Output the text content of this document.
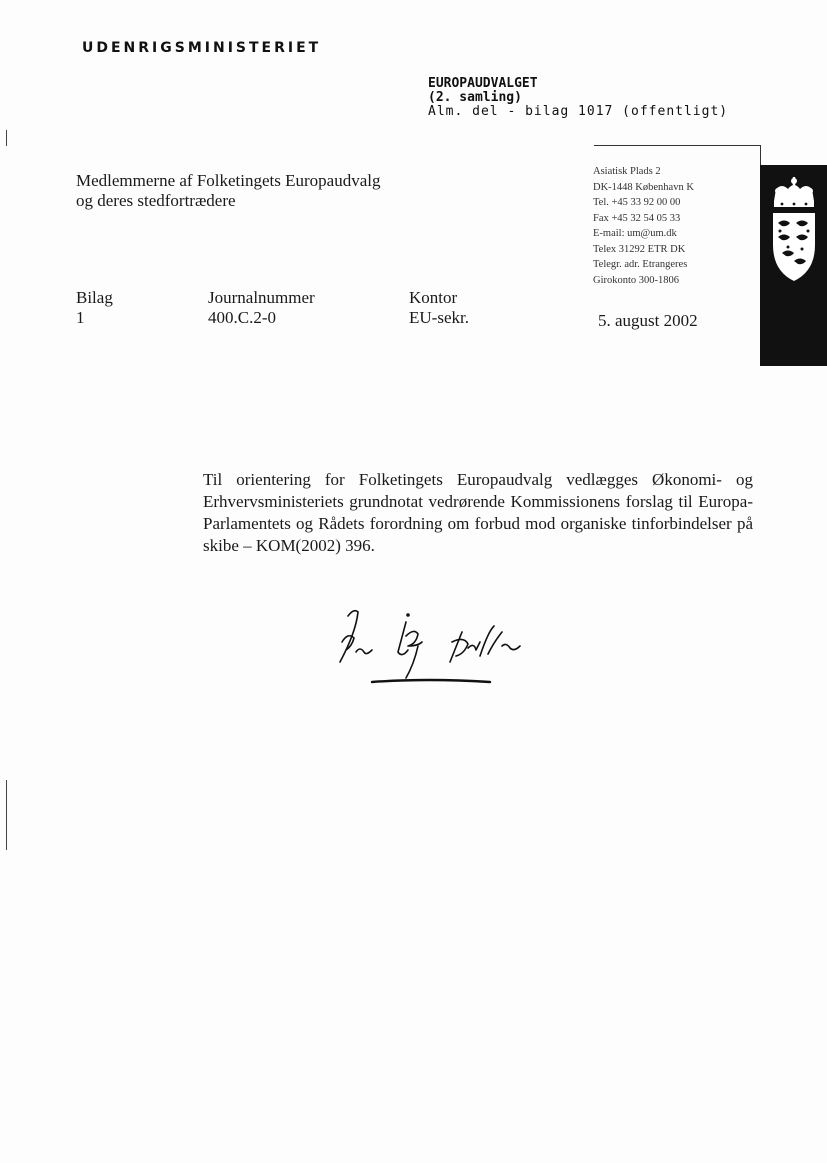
UDENRIGSMINISTERIET
EUROPAUDVALGET
(2. samling)
Alm. del - bilag 1017 (offentligt)
Medlemmerne af Folketingets Europaudvalg
og deres stedfortrædere
Asiatisk Plads 2
DK-1448 København K
Tel. +45 33 92 00 00
Fax +45 32 54 05 33
E-mail: um@um.dk
Telex 31292 ETR DK
Telegr. adr. Etrangeres
Girokonto 300-1806
Bilag
1
Journalnummer
400.C.2-0
Kontor
EU-sekr.	5. august 2002
Til orientering for Folketingets Europaudvalg vedlægges Økonomi- og Erhvervsministeriets grundnotat vedrørende Kommissionens forslag til Europa-Parlamentets og Rådets forordning om forbud mod organiske tinforbindelser på skibe – KOM(2002) 396.
